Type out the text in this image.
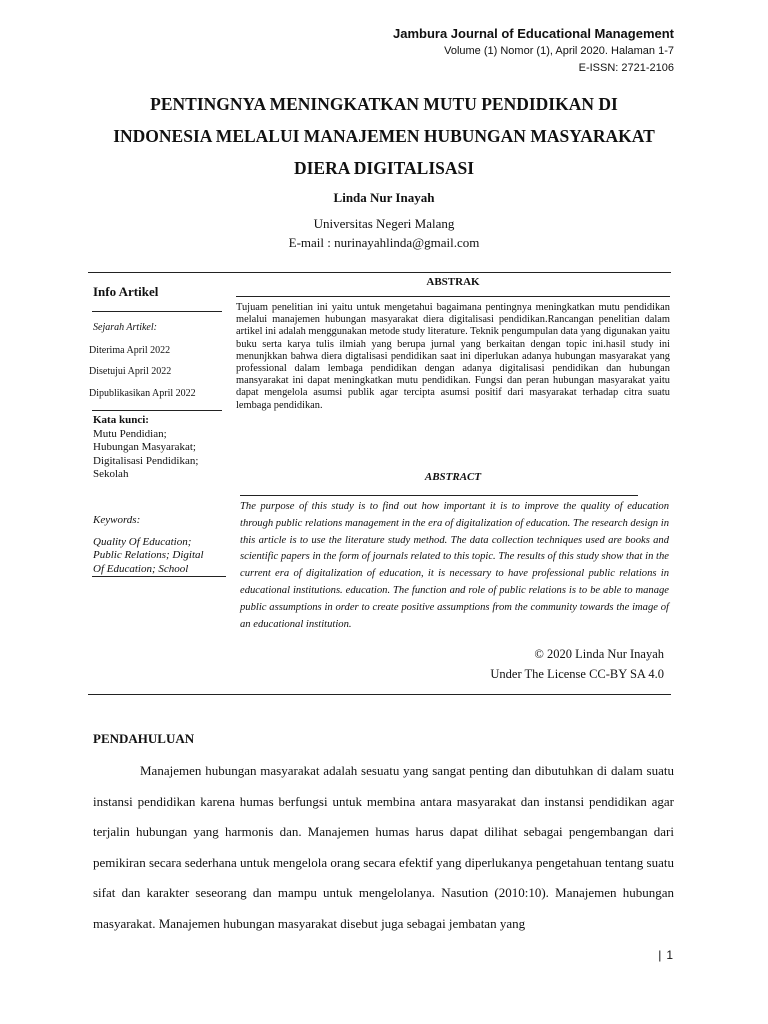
Jambura Journal of Educational Management
Volume (1) Nomor (1), April 2020. Halaman 1-7
E-ISSN: 2721-2106
PENTINGNYA MENINGKATKAN MUTU PENDIDIKAN DI
INDONESIA MELALUI MANAJEMEN HUBUNGAN MASYARAKAT
DIERA DIGITALISASI
Linda Nur Inayah
Universitas Negeri Malang
E-mail : nurinayahlinda@gmail.com
Info Artikel
Sejarah Artikel:
Diterima April 2022
Disetujui April 2022
Dipublikasikan April 2022
Kata kunci:
Mutu Pendidian;
Hubungan Masyarakat;
Digitalisasi Pendidikan;
Sekolah
Keywords:
Quality Of Education;
Public Relations; Digital
Of Education; School
ABSTRAK
Tujuam penelitian ini yaitu untuk mengetahui bagaimana pentingnya meningkatkan mutu pendidikan melalui manajemen hubungan masyarakat diera digitalisasi pendidikan.Rancangan penelitian dalam artikel ini adalah menggunakan metode study literature. Teknik pengumpulan data yang digunakan yaitu buku serta karya tulis ilmiah yang berupa jurnal yang berkaitan dengan topic ini.hasil study ini menunjkkan bahwa diera digtalisasi pendidikan saat ini diperlukan adanya hubungan masyarakat yang professional dalam lembaga pendidikan dengan adanya digitalisasi pendidikan dan hubungan mansyarakat ini dapat meningkatkan mutu pendidikan. Fungsi dan peran hubungan masyarakat yaitu dapat mengelola asumsi publik agar tercipta asumsi positif dari masyarakat terhadap citra suatu lembaga pendidikan.
ABSTRACT
The purpose of this study is to find out how important it is to improve the quality of education through public relations management in the era of digitalization of education. The research design in this article is to use the literature study method. The data collection techniques used are books and scientific papers in the form of journals related to this topic. The results of this study show that in the current era of digitalization of education, it is necessary to have professional public relations in educational institutions. education. The function and role of public relations is to be able to manage public assumptions in order to create positive assumptions from the community towards the image of an educational institution.
© 2020 Linda Nur Inayah
Under The License CC-BY SA 4.0
PENDAHULUAN
Manajemen hubungan masyarakat adalah sesuatu yang sangat penting dan dibutuhkan di dalam suatu instansi pendidikan karena humas berfungsi untuk membina antara masyarakat dan instansi pendidikan agar terjalin hubungan yang harmonis dan. Manajemen humas harus dapat dilihat sebagai pengembangan dari pemikiran secara sederhana untuk mengelola orang secara efektif yang diperlukanya pengetahuan tentang suatu sifat dan karakter seseorang dan mampu untuk mengelolanya. Nasution (2010:10). Manajemen hubungan masyarakat. Manajemen hubungan masyarakat disebut juga sebagai jembatan yang
| 1
